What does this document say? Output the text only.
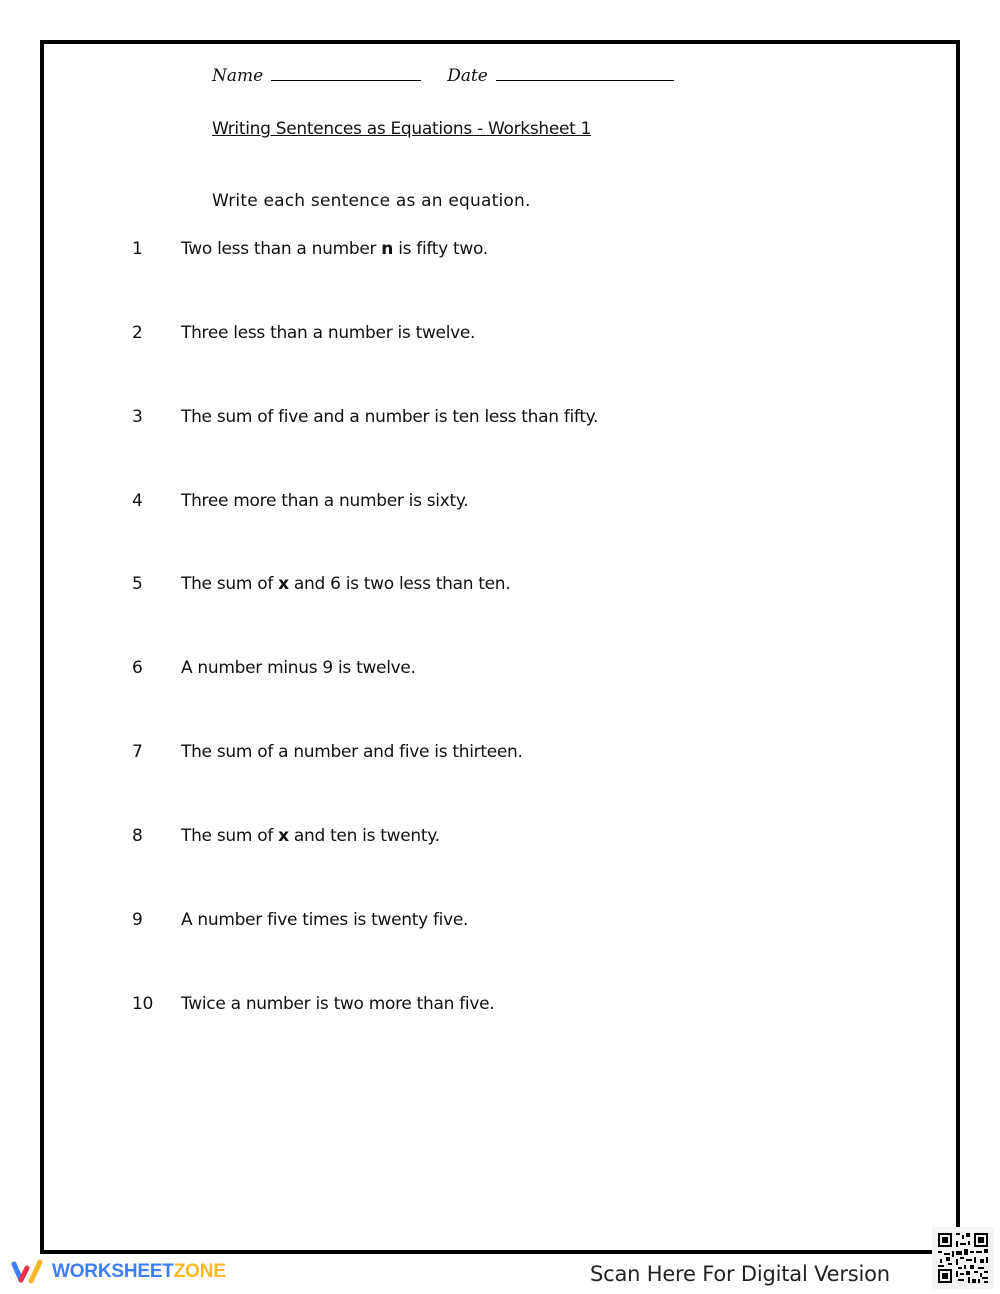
Name	Date
Writing Sentences as Equations - Worksheet 1
Write each sentence as an equation.
1 Two less than a number n is fifty two.
2 Three less than a number is twelve.
3 The sum of five and a number is ten less than fifty.
4 Three more than a number is sixty.
5 The sum of x and 6 is two less than ten.
6 A number minus 9 is twelve.
7 The sum of a number and five is thirteen.
8 The sum of x and ten is twenty.
9 A number five times is twenty five.
10 Twice a number is two more than five.
WORKSHEETZONE	Scan Here For Digital Version
